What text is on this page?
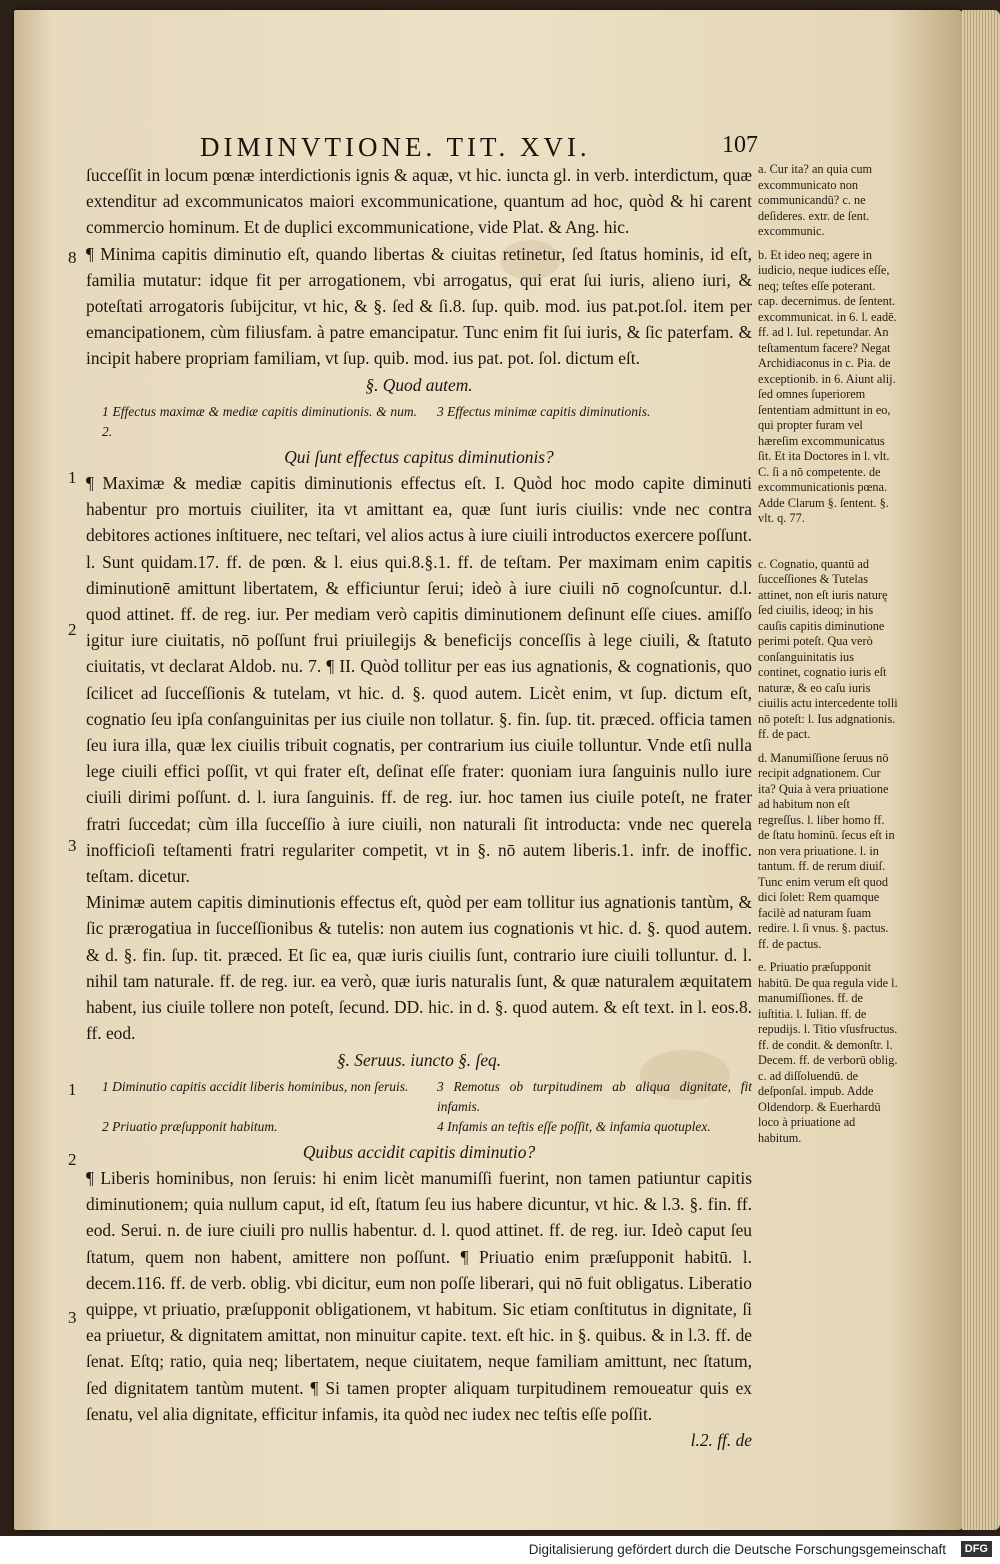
DIMINVTIONE. TIT. XVI.	107
8
1
2
3
1
2
3

ſucceſſit in locum pœnæ interdictionis ignis & aquæ, vt hic. iuncta gl. in verb. interdictum, quæ extenditur ad excommunicatos maiori excommunicatione, quantum ad hoc, quòd & hi carent commercio hominum. Et de duplici excommunicatione, vide Plat. & Ang. hic.

¶ Minima capitis diminutio eſt, quando libertas & ciuitas retinetur, ſed ſtatus hominis, id eſt, familia mutatur: idque fit per arrogationem, vbi arrogatus, qui erat ſui iuris, alieno iuri, & poteſtati arrogatoris ſubijcitur, vt hic, & §. ſed & ſi.8. ſup. quib. mod. ius pat.pot.ſol. item per emancipationem, cùm filiusfam. à patre emancipatur. Tunc enim fit ſui iuris, & ſic paterfam. & incipit habere propriam familiam, vt ſup. quib. mod. ius pat. pot. ſol. dictum eſt.

§. Quod autem.

1 Effectus maximæ & mediæ capitis diminutionis. & num. 2.
3 Effectus minimæ capitis diminutionis.

Qui ſunt effectus capitus diminutionis?

¶ Maximæ & mediæ capitis diminutionis effectus eſt. I. Quòd hoc modo capite diminuti habentur pro mortuis ciuiliter, ita vt amittant ea, quæ ſunt iuris ciuilis: vnde nec contra debitores actiones inſtituere, nec teſtari, vel alios actus à iure ciuili introductos exercere poſſunt. l. Sunt quidam.17. ff. de pœn. & l. eius qui.8.§.1. ff. de teſtam. Per maximam enim capitis diminutionē amittunt libertatem, & efficiuntur ſerui; ideò à iure ciuili nō cognoſcuntur. d.l. quod attinet. ff. de reg. iur. Per mediam verò capitis diminutionem deſinunt eſſe ciues. amiſſo igitur iure ciuitatis, nō poſſunt frui priuilegijs & beneficijs conceſſis à lege ciuili, & ſtatuto ciuitatis, vt declarat Aldob. nu. 7. ¶ II. Quòd tollitur per eas ius agnationis, & cognationis, quo ſcilicet ad ſucceſſionis & tutelam, vt hic. d. §. quod autem. Licèt enim, vt ſup. dictum eſt, cognatio ſeu ipſa conſanguinitas per ius ciuile non tollatur. §. fin. ſup. tit. præced. officia tamen ſeu iura illa, quæ lex ciuilis tribuit cognatis, per contrarium ius ciuile tolluntur. Vnde etſi nulla lege ciuili effici poſſit, vt qui frater eſt, deſinat eſſe frater: quoniam iura ſanguinis nullo iure ciuili dirimi poſſunt. d. l. iura ſanguinis. ff. de reg. iur. hoc tamen ius ciuile poteſt, ne frater fratri ſuccedat; cùm illa ſucceſſio à iure ciuili, non naturali ſit introducta: vnde nec querela inofficioſi teſtamenti fratri regulariter competit, vt in §. nō autem liberis.1. infr. de inoffic. teſtam. dicetur.

Minimæ autem capitis diminutionis effectus eſt, quòd per eam tollitur ius agnationis tantùm, & ſic prærogatiua in ſucceſſionibus & tutelis: non autem ius cognationis vt hic. d. §. quod autem. & d. §. fin. ſup. tit. præced. Et ſic ea, quæ iuris ciuilis ſunt, contrario iure ciuili tolluntur. d. l. nihil tam naturale. ff. de reg. iur. ea verò, quæ iuris naturalis ſunt, & quæ naturalem æquitatem habent, ius ciuile tollere non poteſt, ſecund. DD. hic. in d. §. quod autem. & eſt text. in l. eos.8. ff. eod.

§. Seruus. iuncto §. ſeq.

1 Diminutio capitis accidit liberis hominibus, non ſeruis.	3 Remotus ob turpitudinem ab aliqua dignitate, fit infamis.
2 Priuatio præſupponit habitum.	4 Infamis an teſtis eſſe poſſit, & infamia quotuplex.

Quibus accidit capitis diminutio?

¶ Liberis hominibus, non ſeruis: hi enim licèt manumiſſi fuerint, non tamen patiuntur capitis diminutionem; quia nullum caput, id eſt, ſtatum ſeu ius habere dicuntur, vt hic. & l.3. §. fin. ff. eod. Serui. n. de iure ciuili pro nullis habentur. d. l. quod attinet. ff. de reg. iur. Ideò caput ſeu ſtatum, quem non habent, amittere non poſſunt. ¶ Priuatio enim præſupponit habitū. l. decem.116. ff. de verb. oblig. vbi dicitur, eum non poſſe liberari, qui nō fuit obligatus. Liberatio quippe, vt priuatio, præſupponit obligationem, vt habitum. Sic etiam conſtitutus in dignitate, ſi ea priuetur, & dignitatem amittat, non minuitur capite. text. eſt hic. in §. quibus. & in l.3. ff. de ſenat. Eſtq; ratio, quia neq; libertatem, neque ciuitatem, neque familiam amittunt, nec ſtatum, ſed dignitatem tantùm mutent. ¶ Si tamen propter aliquam turpitudinem remoueatur quis ex ſenatu, vel alia dignitate, efficitur infamis, ita quòd nec iudex nec teſtis eſſe poſſit.

l.2. ff. de

a. Cur ita? an quia cum excommunicato non communicandū? c. ne deſideres. extr. de ſent. excommunic.

b. Et ideo neq; agere in iudicio, neque iudices eſſe, neq; teſtes eſſe poterant. cap. decernimus. de ſentent. excommunicat. in 6. l. eadē. ff. ad l. Iul. repetundar. An teſtamentum facere? Negat Archidiaconus in c. Pia. de exceptionib. in 6. Aiunt alij. ſed omnes ſuperiorem ſententiam admittunt in eo, qui propter furam vel hæreſim excommunicatus ſit. Et ita Doctores in l. vlt. C. ſi a nō competente. de excommunicationis pœna. Adde Clarum §. ſentent. §. vlt. q. 77.

c. Cognatio, quantū ad ſucceſſiones & Tutelas attinet, non eſt iuris naturę ſed ciuilis, ideoq; in his cauſis capitis diminutione perimi poteſt. Qua verò conſanguinitatis ius continet, cognatio iuris eſt naturæ, & eo caſu iuris ciuilis actu intercedente tolli nō poteſt: l. Ius adgnationis. ff. de pact.

d. Manumiſſione ſeruus nō recipit adgnationem. Cur ita? Quia à vera priuatione ad habitum non eſt regreſſus. l. liber homo ff. de ſtatu hominū. ſecus eſt in non vera priuatione. l. in tantum. ff. de rerum diuiſ. Tunc enim verum eſt quod dici ſolet: Rem quamque facilè ad naturam ſuam redire. l. ſi vnus. §. pactus. ff. de pactus.

e. Priuatio præſupponit habitū. De qua regula vide l. manumiſſiones. ff. de iuſtitia. l. Iulian. ff. de repudijs. l. Titio vſusfructus. ff. de condit. & demonſtr. l. Decem. ff. de verborū oblig. c. ad diſſoluendū. de deſponſal. impub. Adde Oldendorp. & Euerhardū loco à priuatione ad habitum.

Digitalisierung gefördert durch die Deutsche Forschungsgemeinschaft	DFG
